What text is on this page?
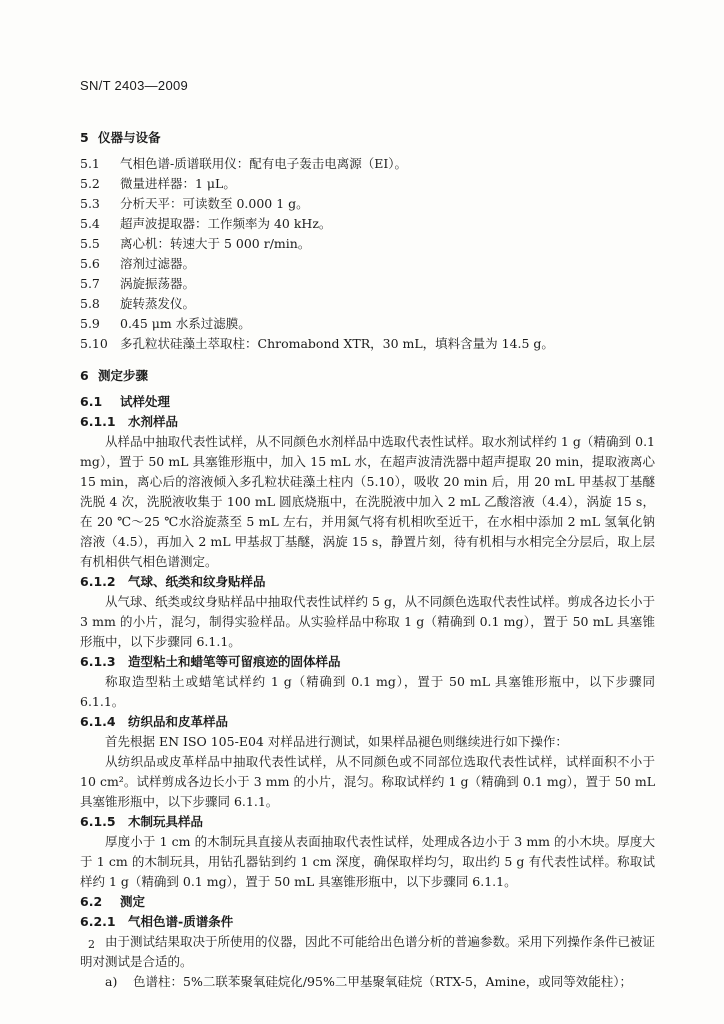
SN/T 2403—2009
5 仪器与设备
5.1 气相色谱-质谱联用仪：配有电子轰击电离源（EI）。
5.2 微量进样器：1 μL。
5.3 分析天平：可读数至 0.000 1 g。
5.4 超声波提取器：工作频率为 40 kHz。
5.5 离心机：转速大于 5 000 r/min。
5.6 溶剂过滤器。
5.7 涡旋振荡器。
5.8 旋转蒸发仪。
5.9 0.45 μm 水系过滤膜。
5.10 多孔粒状硅藻土萃取柱：Chromabond XTR，30 mL，填料含量为 14.5 g。
6 测定步骤
6.1 试样处理
6.1.1 水剂样品
从样品中抽取代表性试样，从不同颜色水剂样品中选取代表性试样。取水剂试样约 1 g（精确到 0.1 mg），置于 50 mL 具塞锥形瓶中，加入 15 mL 水，在超声波清洗器中超声提取 20 min，提取液离心 15 min，离心后的溶液倾入多孔粒状硅藻土柱内（5.10），吸收 20 min 后，用 20 mL 甲基叔丁基醚洗脱 4 次，洗脱液收集于 100 mL 圆底烧瓶中，在洗脱液中加入 2 mL 乙酸溶液（4.4），涡旋 15 s，在 20 ℃～25 ℃水浴旋蒸至 5 mL 左右，并用氮气将有机相吹至近干，在水相中添加 2 mL 氢氧化钠溶液（4.5），再加入 2 mL 甲基叔丁基醚，涡旋 15 s，静置片刻，待有机相与水相完全分层后，取上层有机相供气相色谱测定。
6.1.2 气球、纸类和纹身贴样品
从气球、纸类或纹身贴样品中抽取代表性试样约 5 g，从不同颜色选取代表性试样。剪成各边长小于 3 mm 的小片，混匀，制得实验样品。从实验样品中称取 1 g（精确到 0.1 mg），置于 50 mL 具塞锥形瓶中，以下步骤同 6.1.1。
6.1.3 造型粘土和蜡笔等可留痕迹的固体样品
称取造型粘土或蜡笔试样约 1 g（精确到 0.1 mg），置于 50 mL 具塞锥形瓶中，以下步骤同 6.1.1。
6.1.4 纺织品和皮革样品
首先根据 EN ISO 105-E04 对样品进行测试，如果样品褪色则继续进行如下操作：
从纺织品或皮革样品中抽取代表性试样，从不同颜色或不同部位选取代表性试样，试样面积不小于 10 cm²。试样剪成各边长小于 3 mm 的小片，混匀。称取试样约 1 g（精确到 0.1 mg），置于 50 mL 具塞锥形瓶中，以下步骤同 6.1.1。
6.1.5 木制玩具样品
厚度小于 1 cm 的木制玩具直接从表面抽取代表性试样，处理成各边小于 3 mm 的小木块。厚度大于 1 cm 的木制玩具，用钻孔器钻到约 1 cm 深度，确保取样均匀，取出约 5 g 有代表性试样。称取试样约 1 g（精确到 0.1 mg），置于 50 mL 具塞锥形瓶中，以下步骤同 6.1.1。
6.2 测定
6.2.1 气相色谱-质谱条件
由于测试结果取决于所使用的仪器，因此不可能给出色谱分析的普遍参数。采用下列操作条件已被证明对测试是合适的。
a) 色谱柱：5%二联苯聚氧硅烷化/95%二甲基聚氧硅烷（RTX-5，Amine，或同等效能柱）；
2
